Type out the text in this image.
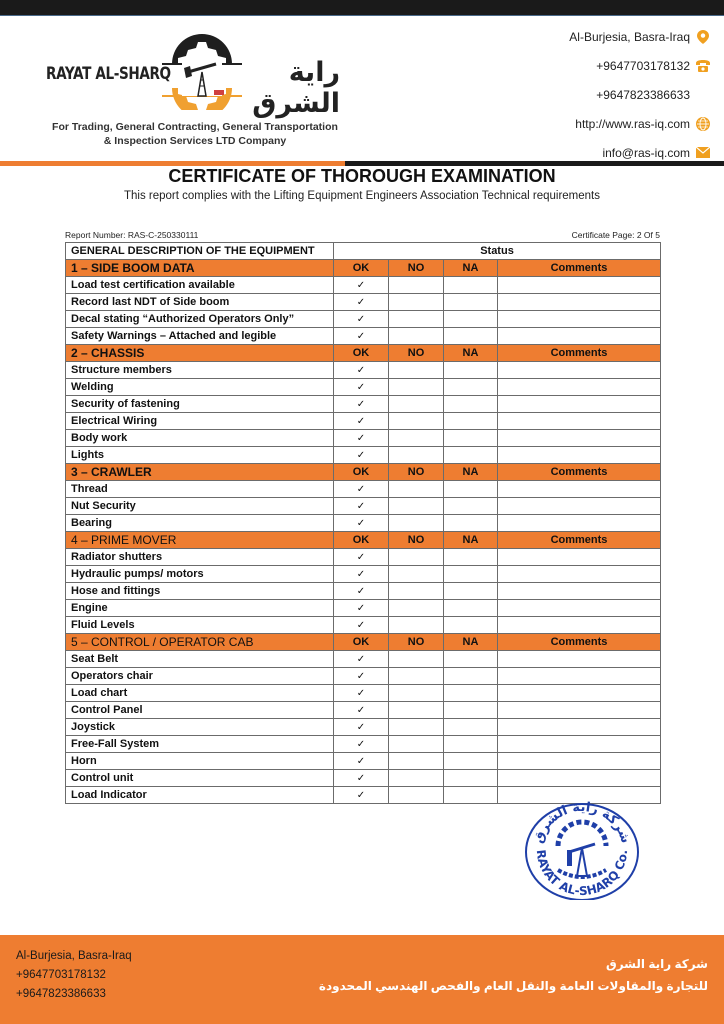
RAYAT AL-SHARQ	راية الشرق
For Trading, General Contracting, General Transportation
& Inspection Services LTD Company
Al-Burjesia, Basra-Iraq
+9647703178132
+9647823386633
http://www.ras-iq.com
info@ras-iq.com
CERTIFICATE OF THOROUGH EXAMINATION
This report complies with the Lifting Equipment Engineers Association Technical requirements
Report Number: RAS-C-250330111	Certificate Page: 2 Of 5
GENERAL DESCRIPTION OF THE EQUIPMENT	Status			
1 – SIDE BOOM DATA	OK	NO	NA	Comments
Load test certification available	✓			
Record last NDT of Side boom	✓			
Decal stating “Authorized Operators Only”	✓			
Safety Warnings – Attached and legible	✓			
2 – CHASSIS	OK	NO	NA	Comments
Structure members	✓			
Welding	✓			
Security of fastening	✓			
Electrical Wiring	✓			
Body work	✓			
Lights	✓			
3 – CRAWLER	OK	NO	NA	Comments
Thread	✓			
Nut Security	✓			
Bearing	✓			
4 – PRIME MOVER	OK	NO	NA	Comments
Radiator shutters	✓			
Hydraulic pumps/ motors	✓			
Hose and fittings	✓			
Engine	✓			
Fluid Levels	✓			
5 – CONTROL / OPERATOR CAB	OK	NO	NA	Comments
Seat Belt	✓			
Operators chair	✓			
Load chart	✓			
Control Panel	✓			
Joystick	✓			
Free-Fall System	✓			
Horn	✓			
Control unit	✓			
Load Indicator	✓			
شركة راية الشرق
RAYAT AL-SHARQ Co.
Al-Burjesia, Basra-Iraq
+9647703178132
+9647823386633
شركة راية الشرق
للتجارة والمقاولات العامة والنقل العام والفحص الهندسي المحدودة
